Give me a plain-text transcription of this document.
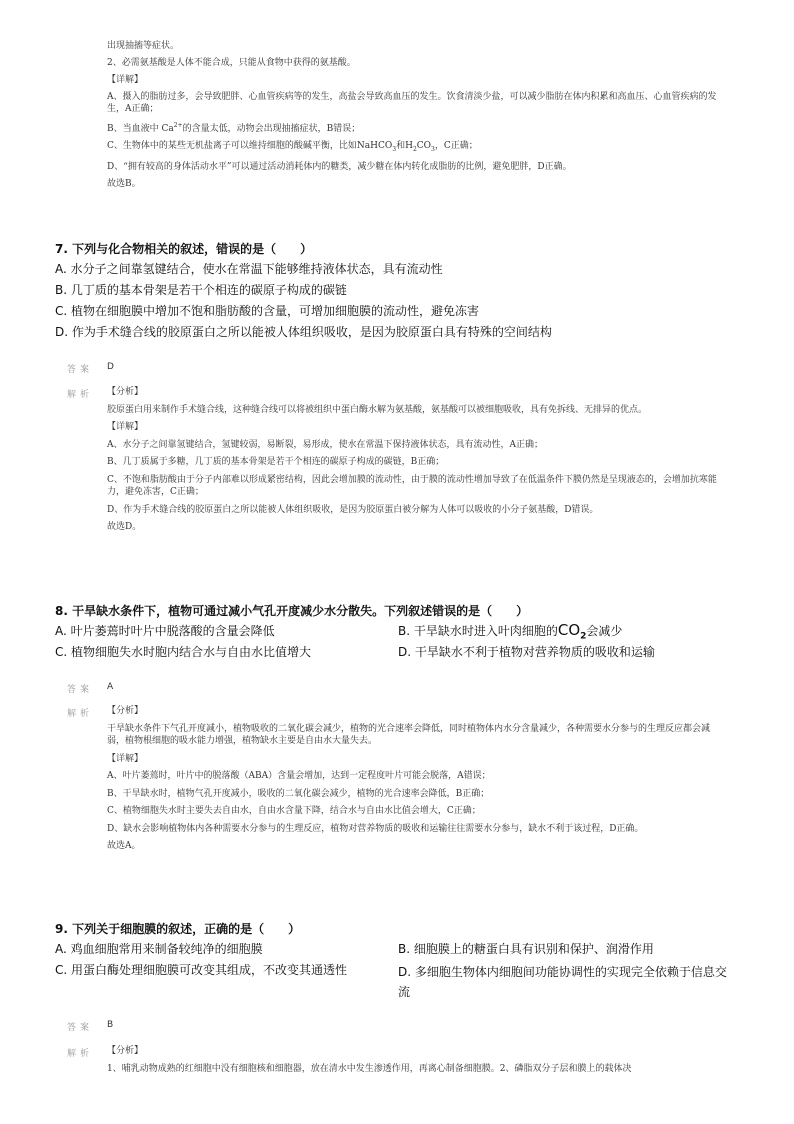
出现抽搐等症状。

2、必需氨基酸是人体不能合成，只能从食物中获得的氨基酸。

【详解】

A、摄入的脂肪过多，会导致肥胖、心血管疾病等的发生，高盐会导致高血压的发生。饮食清淡少盐，可以减少脂肪在体内积累和高血压、心血管疾病的发生，A正确；

B、当血液中 $Ca^{2+}$的含量太低，动物会出现抽搐症状，B错误；

C、生物体中的某些无机盐离子可以维持细胞的酸碱平衡，比如NaHCO$_3$和$H_2CO_3$，C正确；

D、“拥有较高的身体活动水平”可以通过活动消耗体内的糖类，减少糖在体内转化成脂肪的比例，避免肥胖，D正确。

故选B。

7. 下列与化合物相关的叙述，错误的是（　　）
A. 水分子之间靠氢键结合，使水在常温下能够维持液体状态，具有流动性
B. 几丁质的基本骨架是若干个相连的碳原子构成的碳链
C. 植物在细胞膜中增加不饱和脂肪酸的含量，可增加细胞膜的流动性，避免冻害
D. 作为手术缝合线的胶原蛋白之所以能被人体组织吸收，是因为胶原蛋白具有特殊的空间结构
答案 D
解析 【分析】

胶原蛋白用来制作手术缝合线，这种缝合线可以将被组织中蛋白酶水解为氨基酸，氨基酸可以被细胞吸收，具有免拆线、无排异的优点。

【详解】

A、水分子之间靠氢键结合，氢键较弱，易断裂，易形成，使水在常温下保持液体状态，具有流动性，A正确；

B、几丁质属于多糖，几丁质的基本骨架是若干个相连的碳原子构成的碳链，B正确；

C、不饱和脂肪酸由于分子内部难以形成紧密结构，因此会增加膜的流动性，由于膜的流动性增加导致了在低温条件下膜仍然是呈现液态的，会增加抗寒能力，避免冻害，C正确；

D、作为手术缝合线的胶原蛋白之所以能被人体组织吸收，是因为胶原蛋白被分解为人体可以吸收的小分子氨基酸，D错误。

故选D。

8. 干旱缺水条件下，植物可通过减小气孔开度减少水分散失。下列叙述错误的是（　　）
A. 叶片萎蔫时叶片中脱落酸的含量会降低	B. 干旱缺水时进入叶肉细胞的$CO_2$会减少
C. 植物细胞失水时胞内结合水与自由水比值增大	D. 干旱缺水不利于植物对营养物质的吸收和运输
答案 A
解析 【分析】

干旱缺水条件下气孔开度减小，植物吸收的二氧化碳会减少，植物的光合速率会降低，同时植物体内水分含量减少，各种需要水分参与的生理反应都会减弱，植物根细胞的吸水能力增强，植物缺水主要是自由水大量失去。

【详解】

A、叶片萎蔫时，叶片中的脱落酸（ABA）含量会增加，达到一定程度叶片可能会脱落，A错误；

B、干旱缺水时，植物气孔开度减小，吸收的二氧化碳会减少，植物的光合速率会降低，B正确；

C、植物细胞失水时主要失去自由水，自由水含量下降，结合水与自由水比值会增大，C正确；

D、缺水会影响植物体内各种需要水分参与的生理反应，植物对营养物质的吸收和运输往往需要水分参与，缺水不利于该过程，D正确。

故选A。

9. 下列关于细胞膜的叙述，正确的是（　　）
A. 鸡血细胞常用来制备较纯净的细胞膜	B. 细胞膜上的糖蛋白具有识别和保护、润滑作用
C. 用蛋白酶处理细胞膜可改变其组成，不改变其通透性	D. 多细胞生物体内细胞间功能协调性的实现完全依赖于信息交流
答案 B
解析 【分析】

1、哺乳动物成熟的红细胞中没有细胞核和细胞器，放在清水中发生渗透作用，再离心制备细胞膜。2、磷脂双分子层和膜上的载体决
